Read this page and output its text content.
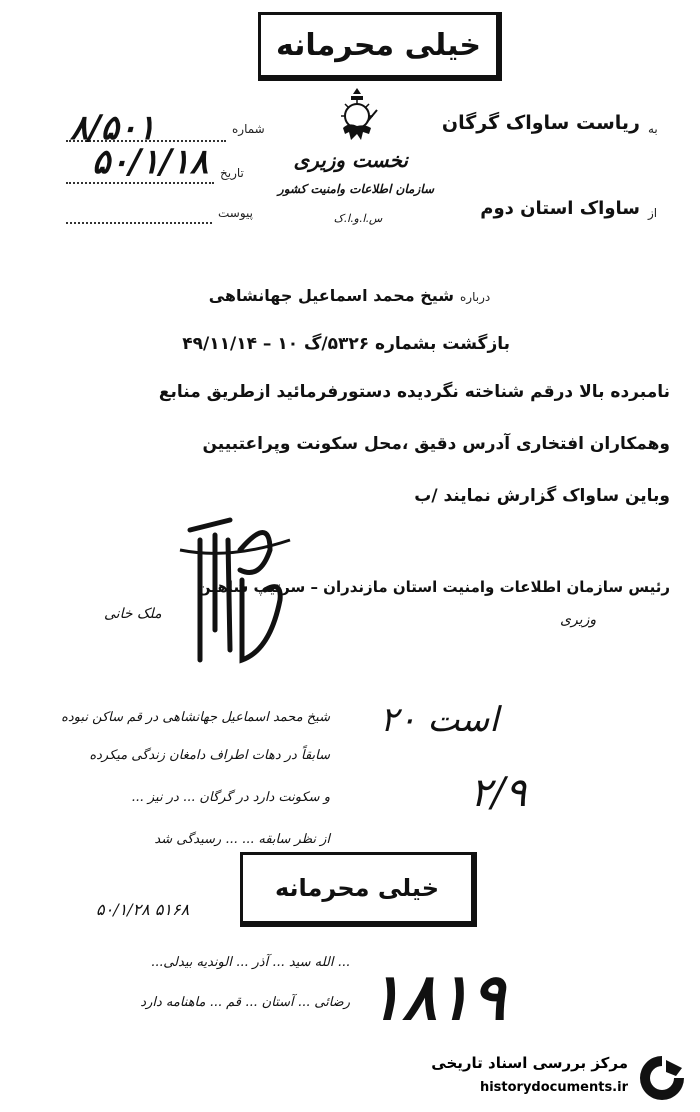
خیلی محرمانه
نخست وزیری
سازمان اطلاعات وامنیت کشور
س.ا.و.ا.ک
شماره
۸/۵۰۱
تاریخ
۵۰/۱/۱۸
پیوست
به
ریاست ساواک گرگان
از
ساواک استان دوم
درباره
شیخ محمد اسماعیل جهانشاهی
بازگشت بشماره ۵۳۲۶/گ ۱۰ – ۴۹/۱۱/۱۴
نامبرده بالا درقم شناخته نگردیده دستورفرمائید ازطریق منابع
وهمکاران افتخاری آدرس دقیق ،محل سکونت وپراعتبیین
وباین ساواک گزارش نمایند /ب
رئیس سازمان اطلاعات وامنیت استان مازندران – سرتیپ شاهین
ملک خانی	وزیری
شیخ محمد اسماعیل جهانشاهی در قم ساکن نبوده
سابقاً در دهات اطراف دامغان زندگی میکرده
و سکونت دارد در گرگان ... در نیز ...
از نظر سابقه ... ... رسیدگی شد
است ۲۰
۲/۹
خیلی محرمانه
۵۰/۱/۲۸ ۵۱۶۸
... الله سید ... آذر ... الوندیه بیدلی...
رضائی ... آستان ... قم ... ماهنامه دارد ۱۸۱۹
مرکز بررسی اسناد تاریخی
historydocuments.ir
